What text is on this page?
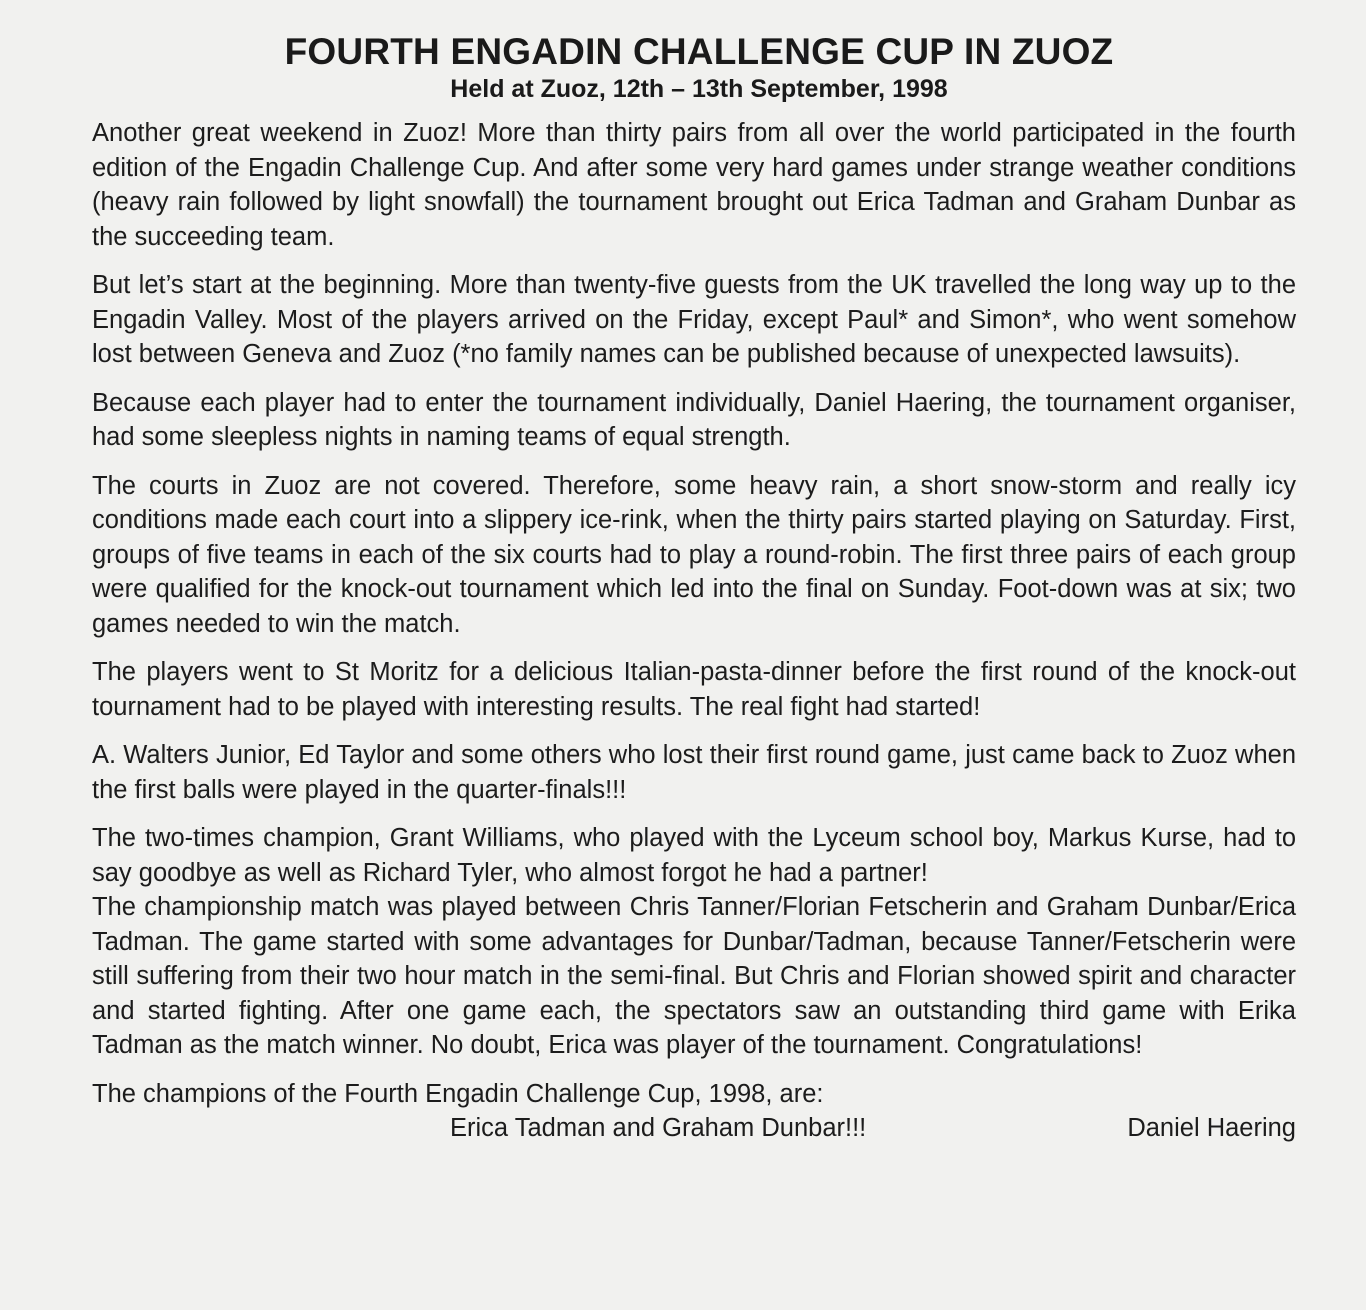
FOURTH ENGADIN CHALLENGE CUP IN ZUOZ
Held at Zuoz, 12th – 13th September, 1998

Another great weekend in Zuoz! More than thirty pairs from all over the world participated in the fourth edition of the Engadin Challenge Cup. And after some very hard games under strange weather conditions (heavy rain followed by light snowfall) the tournament brought out Erica Tadman and Graham Dunbar as the succeeding team.

But let’s start at the beginning. More than twenty-five guests from the UK travelled the long way up to the Engadin Valley. Most of the players arrived on the Friday, except Paul* and Simon*, who went somehow lost between Geneva and Zuoz (*no family names can be published because of unexpected lawsuits).

Because each player had to enter the tournament individually, Daniel Haering, the tournament organiser, had some sleepless nights in naming teams of equal strength.

The courts in Zuoz are not covered. Therefore, some heavy rain, a short snow-storm and really icy conditions made each court into a slippery ice-rink, when the thirty pairs started playing on Saturday. First, groups of five teams in each of the six courts had to play a round-robin. The first three pairs of each group were qualified for the knock-out tournament which led into the final on Sunday. Foot-down was at six; two games needed to win the match.

The players went to St Moritz for a delicious Italian-pasta-dinner before the first round of the knock-out tournament had to be played with interesting results. The real fight had started!

A. Walters Junior, Ed Taylor and some others who lost their first round game, just came back to Zuoz when the first balls were played in the quarter-finals!!!

The two-times champion, Grant Williams, who played with the Lyceum school boy, Markus Kurse, had to say goodbye as well as Richard Tyler, who almost forgot he had a partner!

The championship match was played between Chris Tanner/Florian Fetscherin and Graham Dunbar/Erica Tadman. The game started with some advantages for Dunbar/Tadman, because Tanner/Fetscherin were still suffering from their two hour match in the semi-final. But Chris and Florian showed spirit and character and started fighting. After one game each, the spectators saw an outstanding third game with Erika Tadman as the match winner. No doubt, Erica was player of the tournament. Congratulations!

The champions of the Fourth Engadin Challenge Cup, 1998, are:

Erica Tadman and Graham Dunbar!!!	Daniel Haering
